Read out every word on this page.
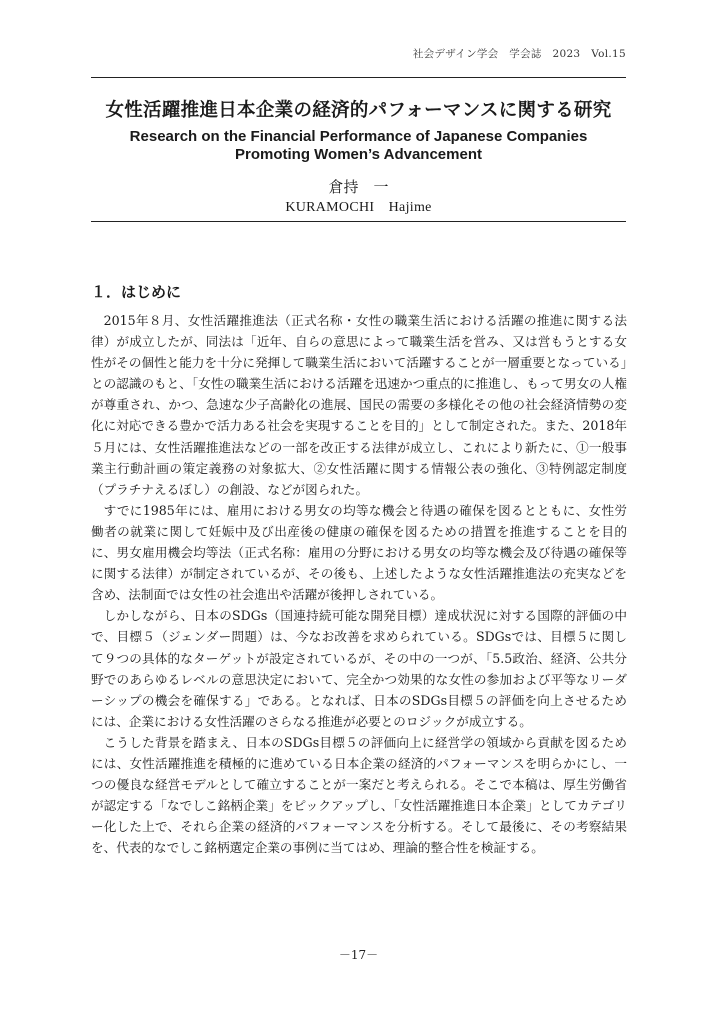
社会デザイン学会　学会誌　2023　Vol.15
女性活躍推進日本企業の経済的パフォーマンスに関する研究
Research on the Financial Performance of Japanese Companies Promoting Women’s Advancement
倉持　一
KURAMOCHI　Hajime
１．はじめに

2015年８月、女性活躍推進法（正式名称・女性の職業生活における活躍の推進に関する法律）が成立したが、同法は「近年、自らの意思によって職業生活を営み、又は営もうとする女性がその個性と能力を十分に発揮して職業生活において活躍することが一層重要となっている」との認識のもと、「女性の職業生活における活躍を迅速かつ重点的に推進し、もって男女の人権が尊重され、かつ、急速な少子高齢化の進展、国民の需要の多様化その他の社会経済情勢の変化に対応できる豊かで活力ある社会を実現することを目的」として制定された。また、2018年５月には、女性活躍推進法などの一部を改正する法律が成立し、これにより新たに、①一般事業主行動計画の策定義務の対象拡大、②女性活躍に関する情報公表の強化、③特例認定制度（プラチナえるぼし）の創設、などが図られた。

すでに1985年には、雇用における男女の均等な機会と待遇の確保を図るとともに、女性労働者の就業に関して妊娠中及び出産後の健康の確保を図るための措置を推進することを目的に、男女雇用機会均等法（正式名称：雇用の分野における男女の均等な機会及び待遇の確保等に関する法律）が制定されているが、その後も、上述したような女性活躍推進法の充実などを含め、法制面では女性の社会進出や活躍が後押しされている。

しかしながら、日本のSDGs（国連持続可能な開発目標）達成状況に対する国際的評価の中で、目標５（ジェンダー問題）は、今なお改善を求められている。SDGsでは、目標５に関して９つの具体的なターゲットが設定されているが、その中の一つが、「5.5政治、経済、公共分野でのあらゆるレベルの意思決定において、完全かつ効果的な女性の参加および平等なリーダーシップの機会を確保する」である。となれば、日本のSDGs目標５の評価を向上させるためには、企業における女性活躍のさらなる推進が必要とのロジックが成立する。

こうした背景を踏まえ、日本のSDGs目標５の評価向上に経営学の領域から貢献を図るためには、女性活躍推進を積極的に進めている日本企業の経済的パフォーマンスを明らかにし、一つの優良な経営モデルとして確立することが一案だと考えられる。そこで本稿は、厚生労働省が認定する「なでしこ銘柄企業」をピックアップし、「女性活躍推進日本企業」としてカテゴリー化した上で、それら企業の経済的パフォーマンスを分析する。そして最後に、その考察結果を、代表的なでしこ銘柄選定企業の事例に当てはめ、理論的整合性を検証する。

－17－
